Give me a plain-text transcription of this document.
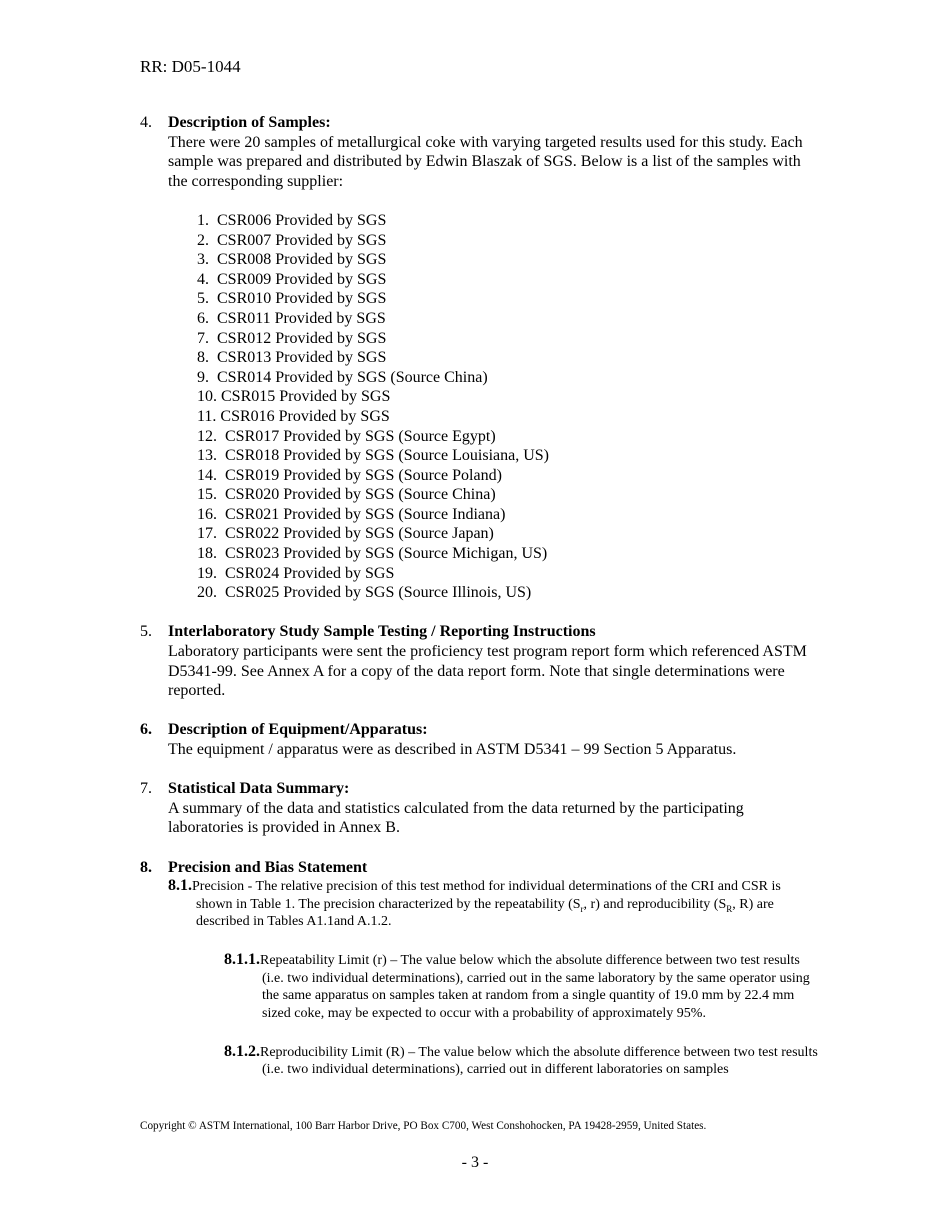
RR: D05-1044
4.	Description of Samples:
There were 20 samples of metallurgical coke with varying targeted results used for this study. Each sample was prepared and distributed by Edwin Blaszak of SGS. Below is a list of the samples with the corresponding supplier:
1.  CSR006 Provided by SGS
2.  CSR007 Provided by SGS
3.  CSR008 Provided by SGS
4.  CSR009 Provided by SGS
5.  CSR010 Provided by SGS
6.  CSR011 Provided by SGS
7.  CSR012 Provided by SGS
8.  CSR013 Provided by SGS
9.  CSR014 Provided by SGS (Source China)
10. CSR015 Provided by SGS
11. CSR016 Provided by SGS
12.  CSR017 Provided by SGS (Source Egypt)
13.  CSR018 Provided by SGS (Source Louisiana, US)
14.  CSR019 Provided by SGS (Source Poland)
15.  CSR020 Provided by SGS (Source China)
16.  CSR021 Provided by SGS (Source Indiana)
17.  CSR022 Provided by SGS (Source Japan)
18.  CSR023 Provided by SGS (Source Michigan, US)
19.  CSR024 Provided by SGS
20.  CSR025 Provided by SGS (Source Illinois, US)
5.	Interlaboratory Study Sample Testing / Reporting Instructions
Laboratory participants were sent the proficiency test program report form which referenced ASTM D5341-99. See Annex A for a copy of the data report form. Note that single determinations were reported.
6.	Description of Equipment/Apparatus:
The equipment / apparatus were as described in ASTM D5341 – 99 Section 5 Apparatus.
7.	Statistical Data Summary:
A summary of the data and statistics calculated from the data returned by the participating laboratories is provided in Annex B.
8.	Precision and Bias Statement
8.1.Precision - The relative precision of this test method for individual determinations of the CRI and CSR is shown in Table 1. The precision characterized by the repeatability ($S_r$, r) and reproducibility ($S_R$, R) are described in Tables A1.1and A.1.2.
8.1.1.Repeatability Limit (r) – The value below which the absolute difference between two test results (i.e. two individual determinations), carried out in the same laboratory by the same operator using the same apparatus on samples taken at random from a single quantity of 19.0 mm by 22.4 mm sized coke, may be expected to occur with a probability of approximately 95%.
8.1.2.Reproducibility Limit (R) – The value below which the absolute difference between two test results (i.e. two individual determinations), carried out in different laboratories on samples
Copyright © ASTM International, 100 Barr Harbor Drive, PO Box C700, West Conshohocken, PA 19428-2959, United States.
- 3 -
